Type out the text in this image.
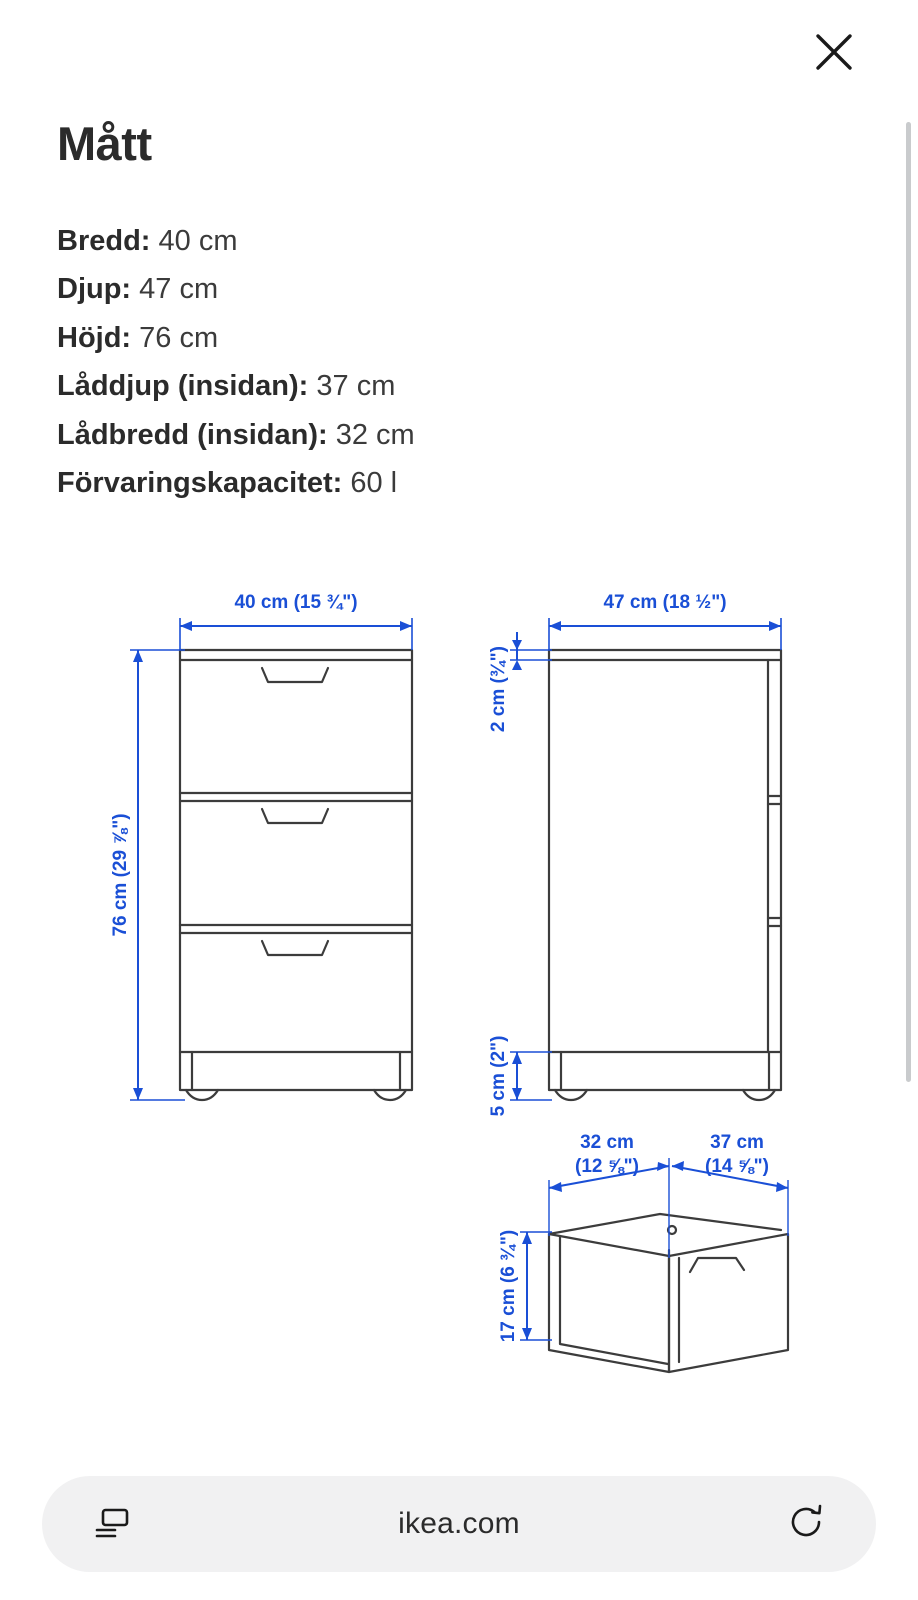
Mått
Bredd: 40 cm
Djup: 47 cm
Höjd: 76 cm
Låddjup (insidan): 37 cm
Lådbredd (insidan): 32 cm
Förvaringskapacitet: 60 l
40 cm (15 ¾")
76 cm (29 ⅞")
47 cm (18 ½")
2 cm (¾")
5 cm (2")
32 cm
(12 ⅝")
37 cm
(14 ⅝")
17 cm (6 ¾")
ikea.com
